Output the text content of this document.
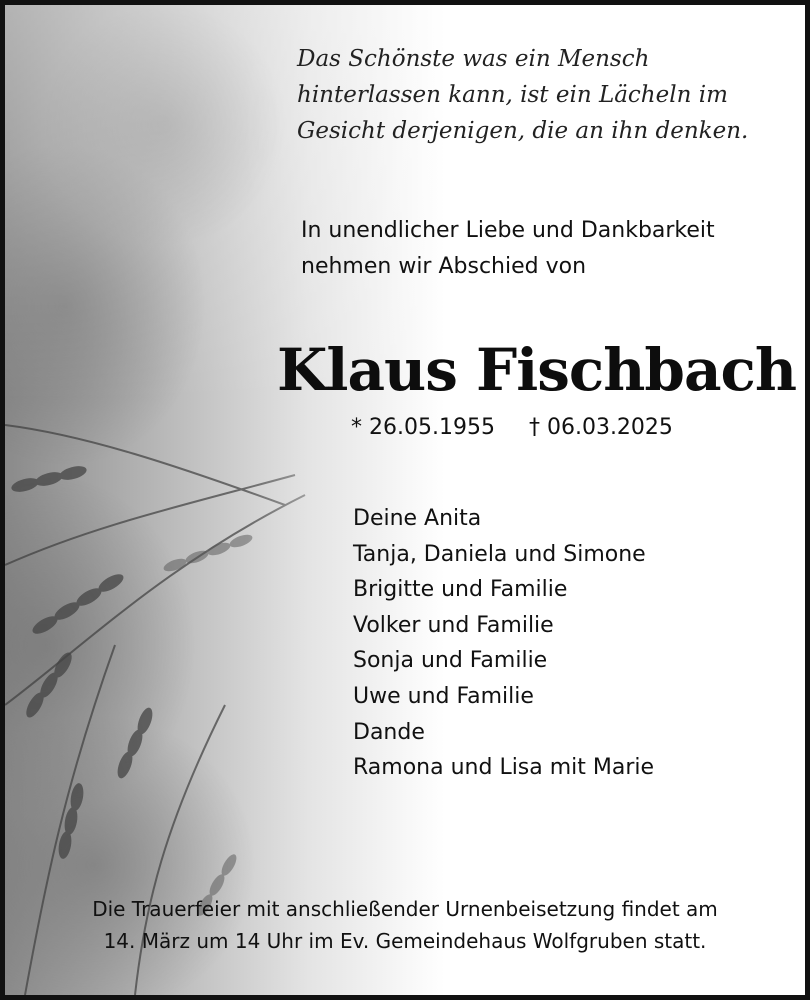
Das Schönste was ein Mensch
hinterlassen kann, ist ein Lächeln im
Gesicht derjenigen, die an ihn denken.
In unendlicher Liebe und Dankbarkeit
nehmen wir Abschied von
Klaus Fischbach
* 26.05.1955 † 06.03.2025
Deine Anita
Tanja, Daniela und Simone
Brigitte und Familie
Volker und Familie
Sonja und Familie
Uwe und Familie
Dande
Ramona und Lisa mit Marie
Die Trauerfeier mit anschließender Urnenbeisetzung findet am
14. März um 14 Uhr im Ev. Gemeindehaus Wolfgruben statt.
